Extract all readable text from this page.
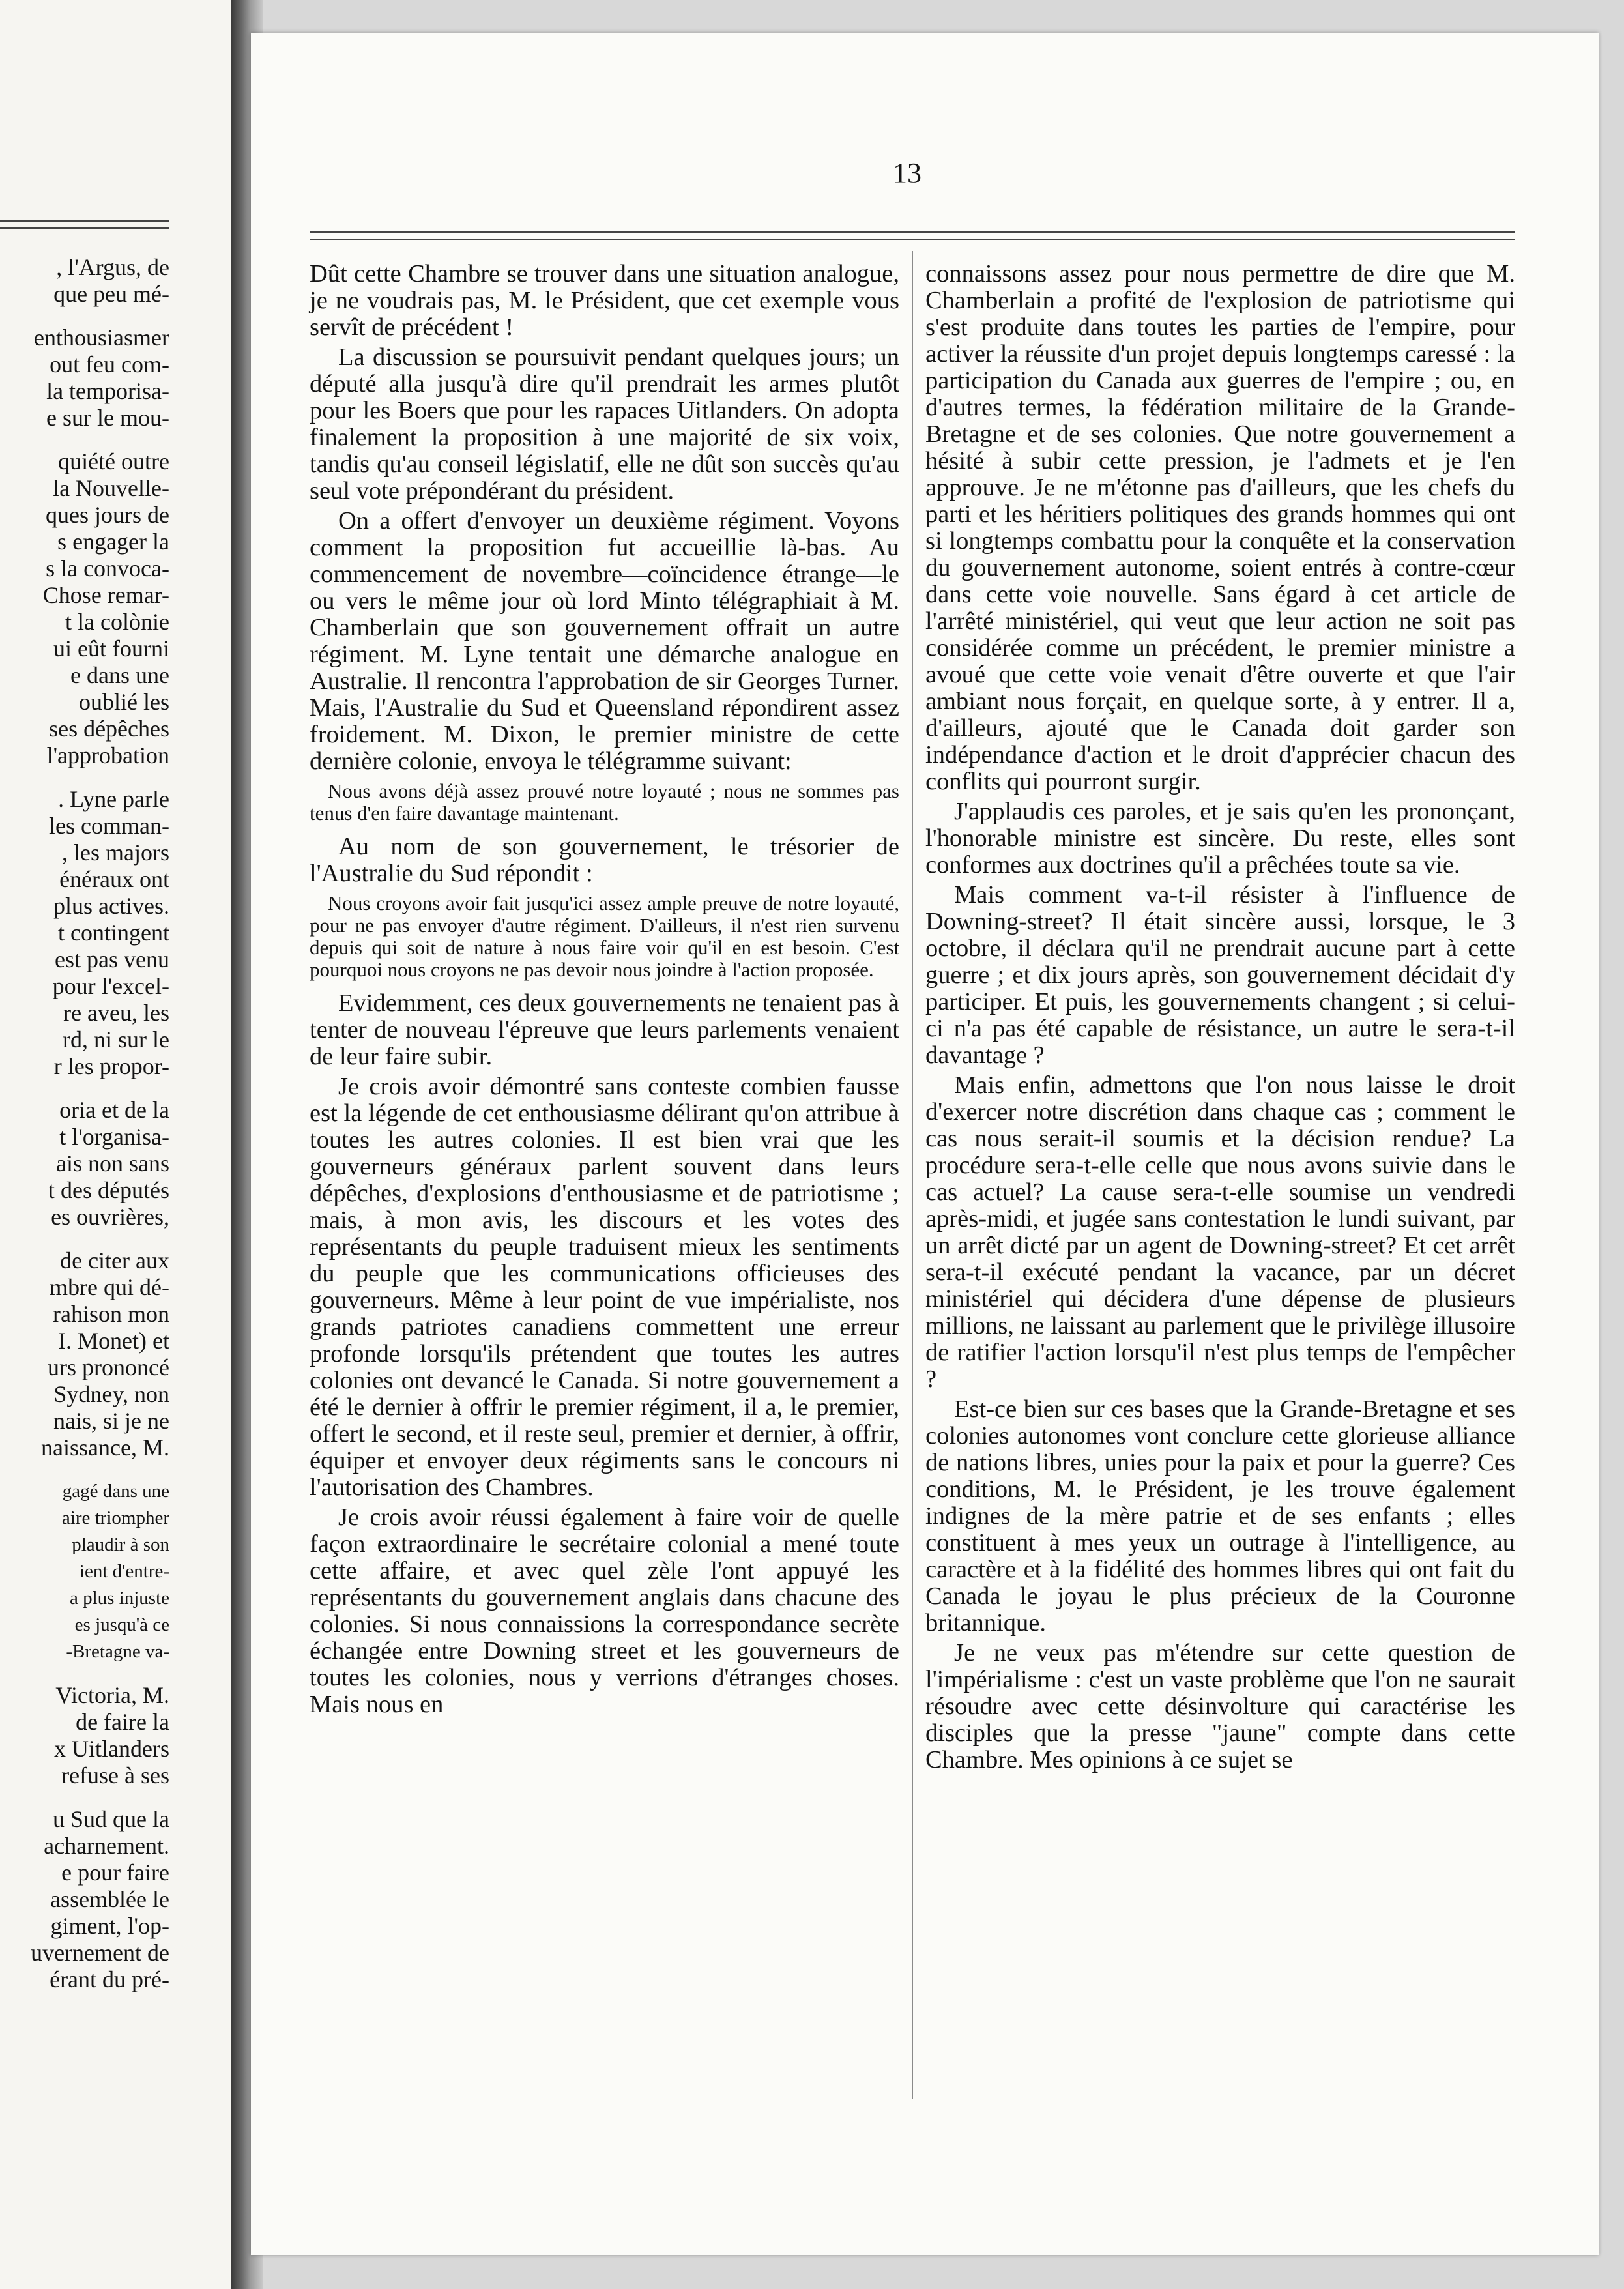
, l'Argus, de
que peu mé-
enthousiasmer
out feu com-
la temporisa-
e sur le mou-
quiété outre
la Nouvelle-
ques jours de
s engager la
s la convoca-
Chose remar-
t la colònie
ui eût fourni
e dans une
oublié les
ses dépêches
l'approbation
. Lyne parle
les comman-
, les majors
énéraux ont
plus actives.
t contingent
est pas venu
pour l'excel-
re aveu, les
rd, ni sur le
r les propor-
oria et de la
t l'organisa-
ais non sans
t des députés
es ouvrières,
de citer aux
mbre qui dé-
rahison mon
I. Monet) et
urs prononcé
Sydney, non
nais, si je ne
naissance, M.
gagé dans une
aire triompher
plaudir à son
ient d'entre-
a plus injuste
es jusqu'à ce
-Bretagne va-
Victoria, M.
de faire la
x Uitlanders
refuse à ses
u Sud que la
acharnement.
e pour faire
assemblée le
giment, l'op-
uvernement de
érant du pré-
13

Dût cette Chambre se trouver dans une situation analogue, je ne voudrais pas, M. le Président, que cet exemple vous servît de précédent !

La discussion se poursuivit pendant quelques jours; un député alla jusqu'à dire qu'il prendrait les armes plutôt pour les Boers que pour les rapaces Uitlanders. On adopta finalement la proposition à une majorité de six voix, tandis qu'au conseil législatif, elle ne dût son succès qu'au seul vote prépondérant du président.

On a offert d'envoyer un deuxième régiment. Voyons comment la proposition fut accueillie là-bas. Au commencement de novembre—coïncidence étrange—le ou vers le même jour où lord Minto télégraphiait à M. Chamberlain que son gouvernement offrait un autre régiment. M. Lyne tentait une démarche analogue en Australie. Il rencontra l'approbation de sir Georges Turner. Mais, l'Australie du Sud et Queensland répondirent assez froidement. M. Dixon, le premier ministre de cette dernière colonie, envoya le télégramme suivant:

Nous avons déjà assez prouvé notre loyauté ; nous ne sommes pas tenus d'en faire davantage maintenant.

Au nom de son gouvernement, le trésorier de l'Australie du Sud répondit :

Nous croyons avoir fait jusqu'ici assez ample preuve de notre loyauté, pour ne pas envoyer d'autre régiment. D'ailleurs, il n'est rien survenu depuis qui soit de nature à nous faire voir qu'il en est besoin. C'est pourquoi nous croyons ne pas devoir nous joindre à l'action proposée.

Evidemment, ces deux gouvernements ne tenaient pas à tenter de nouveau l'épreuve que leurs parlements venaient de leur faire subir.

Je crois avoir démontré sans conteste combien fausse est la légende de cet enthousiasme délirant qu'on attribue à toutes les autres colonies. Il est bien vrai que les gouverneurs généraux parlent souvent dans leurs dépêches, d'explosions d'enthousiasme et de patriotisme ; mais, à mon avis, les discours et les votes des représentants du peuple traduisent mieux les sentiments du peuple que les communications officieuses des gouverneurs. Même à leur point de vue impérialiste, nos grands patriotes canadiens commettent une erreur profonde lorsqu'ils prétendent que toutes les autres colonies ont devancé le Canada. Si notre gouvernement a été le dernier à offrir le premier régiment, il a, le premier, offert le second, et il reste seul, premier et dernier, à offrir, équiper et envoyer deux régiments sans le concours ni l'autorisation des Chambres.

Je crois avoir réussi également à faire voir de quelle façon extraordinaire le secrétaire colonial a mené toute cette affaire, et avec quel zèle l'ont appuyé les représentants du gouvernement anglais dans chacune des colonies. Si nous connaissions la correspondance secrète échangée entre Downing street et les gouverneurs de toutes les colonies, nous y verrions d'étranges choses. Mais nous en

connaissons assez pour nous permettre de dire que M. Chamberlain a profité de l'explosion de patriotisme qui s'est produite dans toutes les parties de l'empire, pour activer la réussite d'un projet depuis longtemps caressé : la participation du Canada aux guerres de l'empire ; ou, en d'autres termes, la fédération militaire de la Grande-Bretagne et de ses colonies. Que notre gouvernement a hésité à subir cette pression, je l'admets et je l'en approuve. Je ne m'étonne pas d'ailleurs, que les chefs du parti et les héritiers politiques des grands hommes qui ont si longtemps combattu pour la conquête et la conservation du gouvernement autonome, soient entrés à contre-cœur dans cette voie nouvelle. Sans égard à cet article de l'arrêté ministériel, qui veut que leur action ne soit pas considérée comme un précédent, le premier ministre a avoué que cette voie venait d'être ouverte et que l'air ambiant nous forçait, en quelque sorte, à y entrer. Il a, d'ailleurs, ajouté que le Canada doit garder son indépendance d'action et le droit d'apprécier chacun des conflits qui pourront surgir.

J'applaudis ces paroles, et je sais qu'en les prononçant, l'honorable ministre est sincère. Du reste, elles sont conformes aux doctrines qu'il a prêchées toute sa vie.

Mais comment va-t-il résister à l'influence de Downing-street? Il était sincère aussi, lorsque, le 3 octobre, il déclara qu'il ne prendrait aucune part à cette guerre ; et dix jours après, son gouvernement décidait d'y participer. Et puis, les gouvernements changent ; si celui-ci n'a pas été capable de résistance, un autre le sera-t-il davantage ?

Mais enfin, admettons que l'on nous laisse le droit d'exercer notre discrétion dans chaque cas ; comment le cas nous serait-il soumis et la décision rendue? La procédure sera-t-elle celle que nous avons suivie dans le cas actuel? La cause sera-t-elle soumise un vendredi après-midi, et jugée sans contestation le lundi suivant, par un arrêt dicté par un agent de Downing-street? Et cet arrêt sera-t-il exécuté pendant la vacance, par un décret ministériel qui décidera d'une dépense de plusieurs millions, ne laissant au parlement que le privilège illusoire de ratifier l'action lorsqu'il n'est plus temps de l'empêcher ?

Est-ce bien sur ces bases que la Grande-Bretagne et ses colonies autonomes vont conclure cette glorieuse alliance de nations libres, unies pour la paix et pour la guerre? Ces conditions, M. le Président, je les trouve également indignes de la mère patrie et de ses enfants ; elles constituent à mes yeux un outrage à l'intelligence, au caractère et à la fidélité des hommes libres qui ont fait du Canada le joyau le plus précieux de la Couronne britannique.

Je ne veux pas m'étendre sur cette question de l'impérialisme : c'est un vaste problème que l'on ne saurait résoudre avec cette désinvolture qui caractérise les disciples que la presse "jaune" compte dans cette Chambre. Mes opinions à ce sujet se
